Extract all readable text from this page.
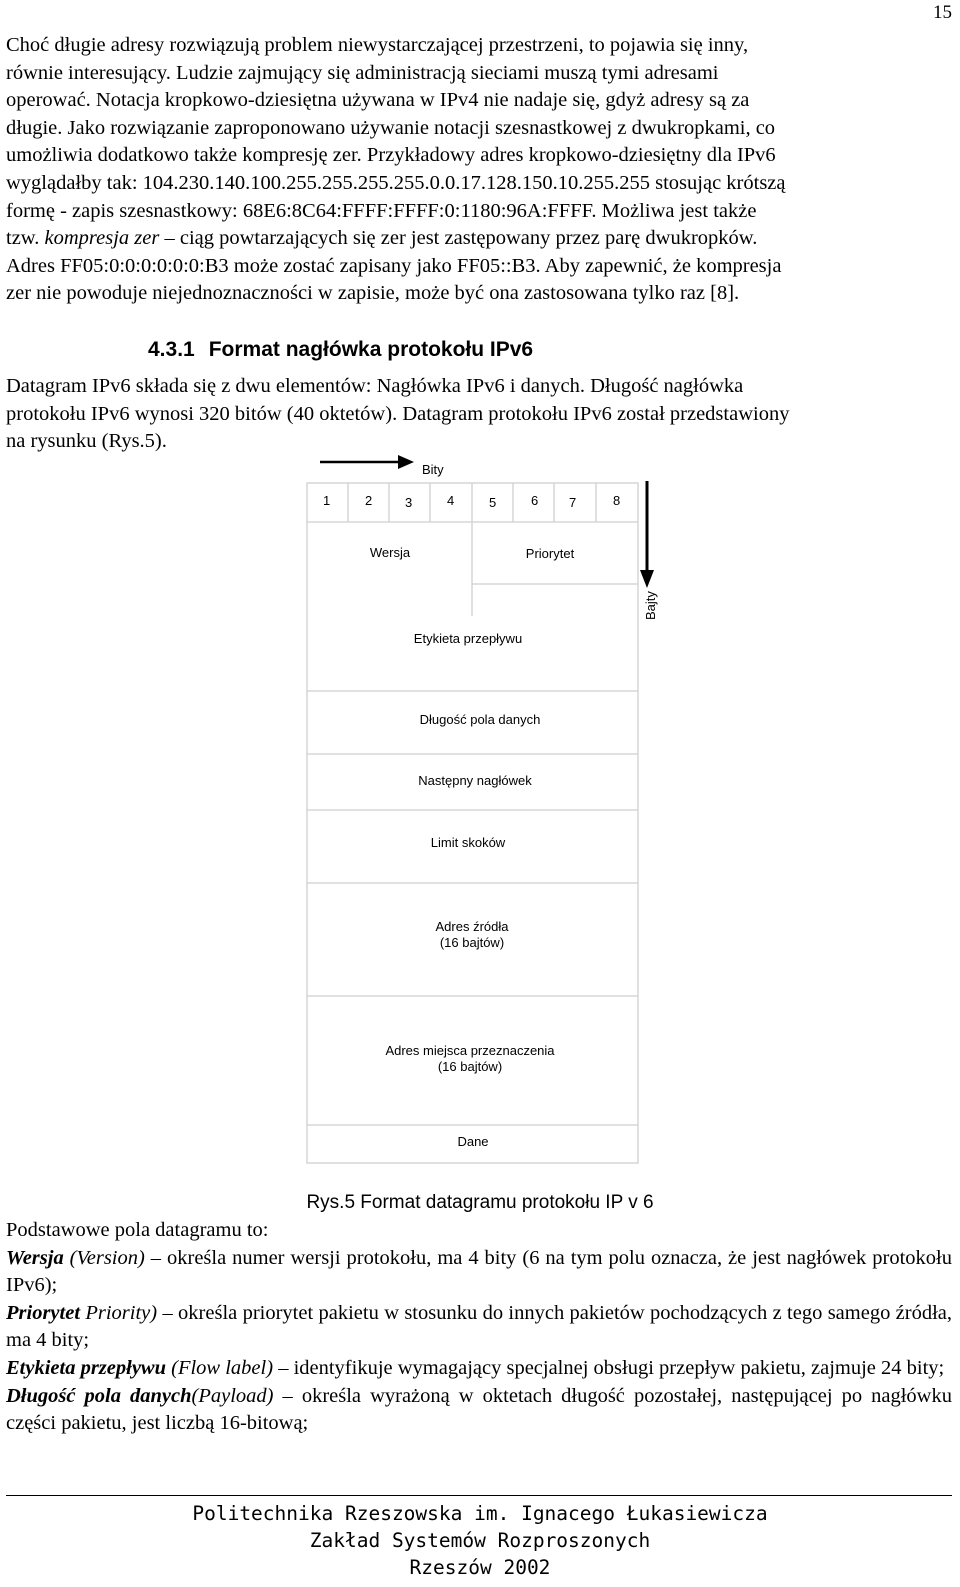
15

Choć długie adresy rozwiązują problem niewystarczającej przestrzeni, to pojawia się inny,
równie interesujący. Ludzie zajmujący się administracją sieciami muszą tymi adresami
operować. Notacja kropkowo-dziesiętna używana w IPv4 nie nadaje się, gdyż adresy są za
długie. Jako rozwiązanie zaproponowano używanie notacji szesnastkowej z dwukropkami, co
umożliwia dodatkowo także kompresję zer. Przykładowy adres kropkowo-dziesiętny dla IPv6
wyglądałby tak: 104.230.140.100.255.255.255.255.0.0.17.128.150.10.255.255 stosując krótszą
formę - zapis szesnastkowy: 68E6:8C64:FFFF:FFFF:0:1180:96A:FFFF. Możliwa jest także
tzw. kompresja zer – ciąg powtarzających się zer jest zastępowany przez parę dwukropków.
Adres FF05:0:0:0:0:0:0:B3 może zostać zapisany jako FF05::B3. Aby zapewnić, że kompresja
zer nie powoduje niejednoznaczności w zapisie, może być ona zastosowana tylko raz [8].

4.3.1 Format nagłówka protokołu IPv6

Datagram IPv6 składa się z dwu elementów: Nagłówka IPv6 i danych. Długość nagłówka
protokołu IPv6 wynosi 320 bitów (40 oktetów). Datagram protokołu IPv6 został przedstawiony
na rysunku (Rys.5).

Bity
Bajty
1	2	3	4	5	6 7	8
Wersja	Priorytet
Etykieta przepływu
Długość pola danych
Następny nagłówek
Limit skoków
Adres źródła
(16 bajtów)
Adres miejsca przeznaczenia
(16 bajtów)
Dane
Rys.5 Format datagramu protokołu IP v 6

Podstawowe pola datagramu to:
Wersja (Version) – określa numer wersji protokołu, ma 4 bity (6 na tym polu oznacza, że jest nagłówek protokołu IPv6);
Priorytet Priority) – określa priorytet pakietu w stosunku do innych pakietów pochodzących z tego samego źródła, ma 4 bity;
Etykieta przepływu (Flow label) – identyfikuje wymagający specjalnej obsługi przepływ pakietu, zajmuje 24 bity;
Długość pola danych(Payload) – określa wyrażoną w oktetach długość pozostałej, następującej po nagłówku części pakietu, jest liczbą 16-bitową;

Politechnika Rzeszowska im. Ignacego Łukasiewicza
Zakład Systemów Rozproszonych
Rzeszów 2002
